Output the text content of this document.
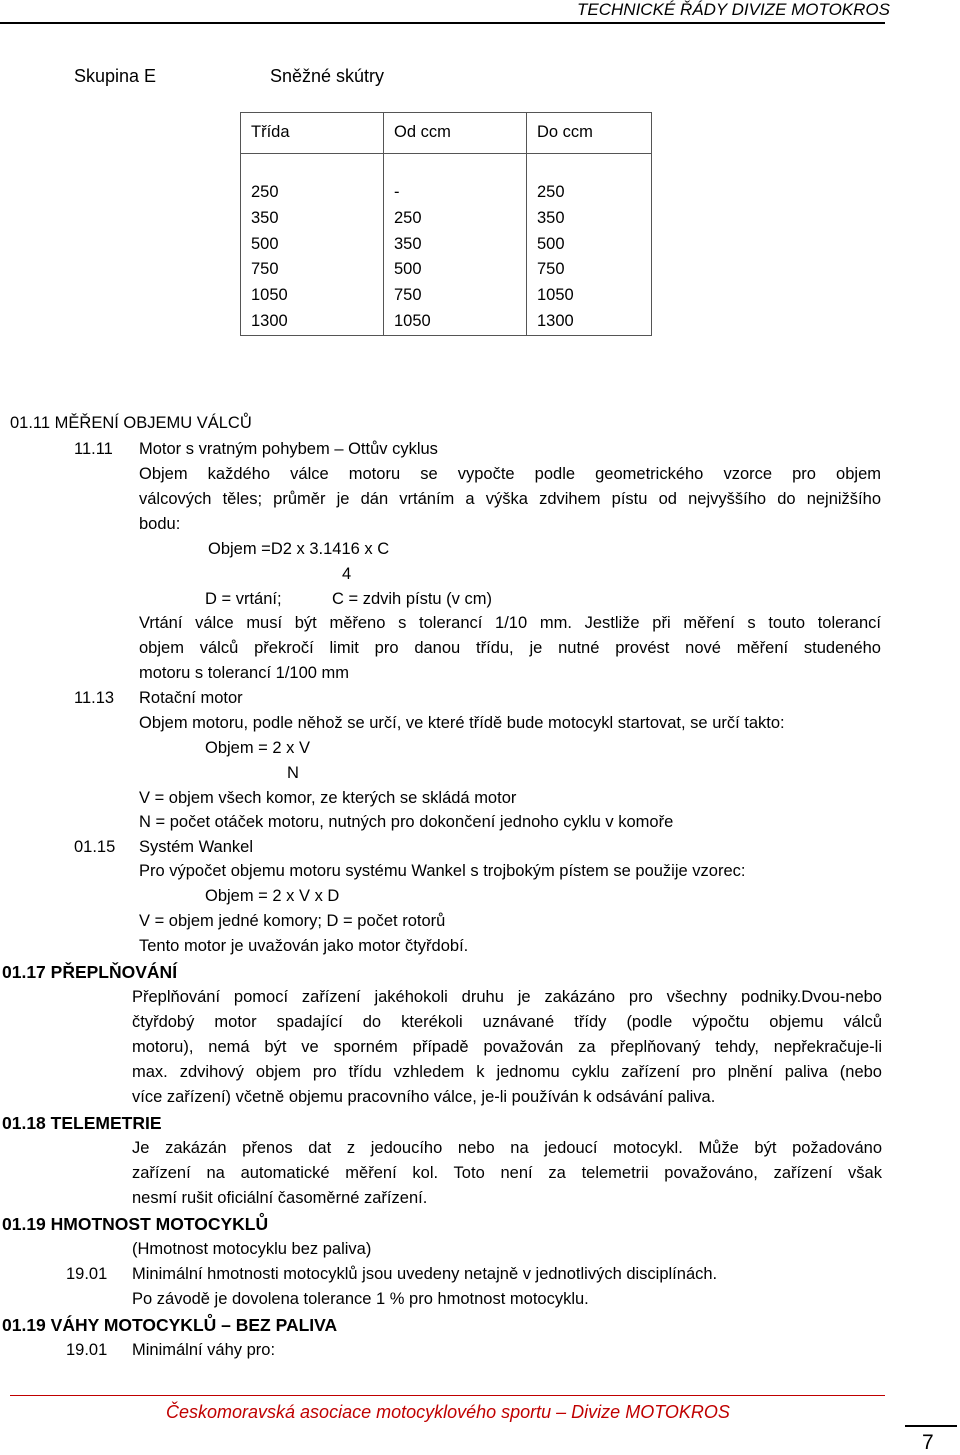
TECHNICKÉ ŘÁDY DIVIZE MOTOKROS
Skupina E	Sněžné skútry
Třída	Od ccm	Do ccm

250	-	250
350	250	350
500	350	500
750	500	750
1050	750	1050
1300	1050	1300
01.11 MĚŘENÍ OBJEMU VÁLCŮ
11.11 Motor s vratným pohybem – Ottův cyklus
Objem každého válce motoru se vypočte podle geometrického vzorce pro objem
válcových těles; průměr je dán vrtáním a výška zdvihem pístu od nejvyššího do nejnižšího
bodu:
Objem =D2 x 3.1416 x C
4
D = vrtání;	C = zdvih pístu (v cm)
Vrtání válce musí být měřeno s tolerancí 1/10 mm. Jestliže při měření s touto tolerancí
objem válců překročí limit pro danou třídu, je nutné provést nové měření studeného
motoru s tolerancí 1/100 mm
11.13 Rotační motor
Objem motoru, podle něhož se určí, ve které třídě bude motocykl startovat, se určí takto:
Objem = 2 x V
N
V = objem všech komor, ze kterých se skládá motor
N = počet otáček motoru, nutných pro dokončení jednoho cyklu v komoře
01.15 Systém Wankel
Pro výpočet objemu motoru systému Wankel s trojbokým pístem se použije vzorec:
Objem = 2 x V x D
V = objem jedné komory; D = počet rotorů
Tento motor je uvažován jako motor čtyřdobí.
01.17 PŘEPLŇOVÁNÍ
Přeplňování pomocí zařízení jakéhokoli druhu je zakázáno pro všechny podniky.Dvou-nebo
čtyřdobý motor spadající do kterékoli uznávané třídy (podle výpočtu objemu válců
motoru), nemá být ve sporném případě považován za přeplňovaný tehdy, nepřekračuje-li
max. zdvihový objem pro třídu vzhledem k jednomu cyklu zařízení pro plnění paliva (nebo
více zařízení) včetně objemu pracovního válce, je-li používán k odsávání paliva.
01.18 TELEMETRIE
Je zakázán přenos dat z jedoucího nebo na jedoucí motocykl. Může být požadováno
zařízení na automatické měření kol. Toto není za telemetrii považováno, zařízení však
nesmí rušit oficiální časoměrné zařízení.
01.19 HMOTNOST MOTOCYKLŮ
(Hmotnost motocyklu bez paliva)
19.01 Minimální hmotnosti motocyklů jsou uvedeny netajně v jednotlivých disciplínách.
Po závodě je dovolena tolerance 1 % pro hmotnost motocyklu.
01.19 VÁHY MOTOCYKLŮ – BEZ PALIVA
19.01 Minimální váhy pro:
Českomoravská asociace motocyklového sportu – Divize MOTOKROS
7
